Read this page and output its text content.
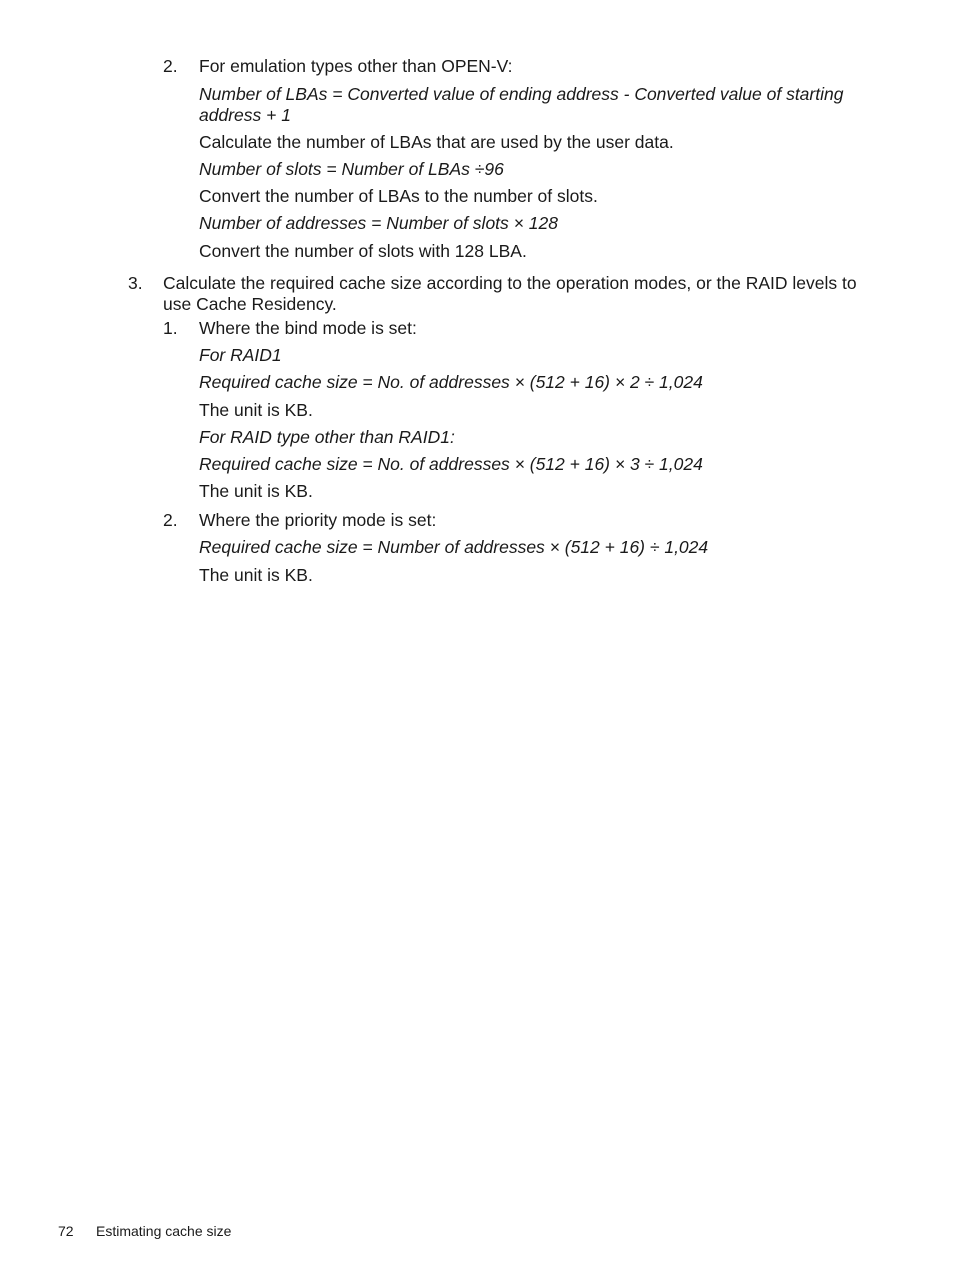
2. For emulation types other than OPEN-V:
Number of LBAs = Converted value of ending address - Converted value of starting address + 1
Calculate the number of LBAs that are used by the user data.
Number of slots = Number of LBAs ÷96
Convert the number of LBAs to the number of slots.
Number of addresses = Number of slots × 128
Convert the number of slots with 128 LBA.
3. Calculate the required cache size according to the operation modes, or the RAID levels to use Cache Residency.
1. Where the bind mode is set:
For RAID1
Required cache size = No. of addresses × (512 + 16) × 2 ÷ 1,024
The unit is KB.
For RAID type other than RAID1:
Required cache size = No. of addresses × (512 + 16) × 3 ÷ 1,024
The unit is KB.
2. Where the priority mode is set:
Required cache size = Number of addresses × (512 + 16) ÷ 1,024
The unit is KB.
72 Estimating cache size
